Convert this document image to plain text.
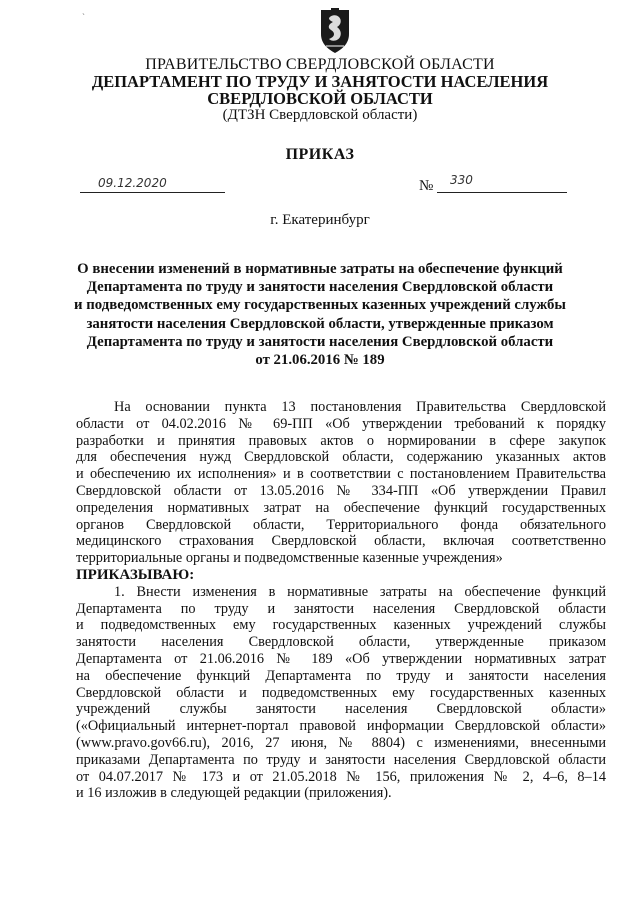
ˋ
ПРАВИТЕЛЬСТВО СВЕРДЛОВСКОЙ ОБЛАСТИ
ДЕПАРТАМЕНТ ПО ТРУДУ И ЗАНЯТОСТИ НАСЕЛЕНИЯ
СВЕРДЛОВСКОЙ ОБЛАСТИ
(ДТЗН Свердловской области)
ПРИКАЗ
09.12.2020	№ 330
г. Екатеринбург
О внесении изменений в нормативные затраты на обеспечение функций
Департамента по труду и занятости населения Свердловской области
и подведомственных ему государственных казенных учреждений службы
занятости населения Свердловской области, утвержденные приказом
Департамента по труду и занятости населения Свердловской области
от 21.06.2016 № 189
На основании пункта 13 постановления Правительства Свердловской
области от 04.02.2016 № 69-ПП «Об утверждении требований к порядку
разработки и принятия правовых актов о нормировании в сфере закупок
для обеспечения нужд Свердловской области, содержанию указанных актов
и обеспечению их исполнения» и в соответствии с постановлением Правительства
Свердловской области от 13.05.2016 № 334-ПП «Об утверждении Правил
определения нормативных затрат на обеспечение функций государственных
органов Свердловской области, Территориального фонда обязательного
медицинского страхования Свердловской области, включая соответственно
территориальные органы и подведомственные казенные учреждения»
ПРИКАЗЫВАЮ:
1. Внести изменения в нормативные затраты на обеспечение функций
Департамента по труду и занятости населения Свердловской области
и подведомственных ему государственных казенных учреждений службы
занятости населения Свердловской области, утвержденные приказом
Департамента от 21.06.2016 № 189 «Об утверждении нормативных затрат
на обеспечение функций Департамента по труду и занятости населения
Свердловской области и подведомственных ему государственных казенных
учреждений службы занятости населения Свердловской области»
(«Официальный интернет-портал правовой информации Свердловской области»
(www.pravo.gov66.ru), 2016, 27 июня, № 8804) с изменениями, внесенными
приказами Департамента по труду и занятости населения Свердловской области
от 04.07.2017 № 173 и от 21.05.2018 № 156, приложения № 2, 4–6, 8–14
и 16 изложив в следующей редакции (приложения).
